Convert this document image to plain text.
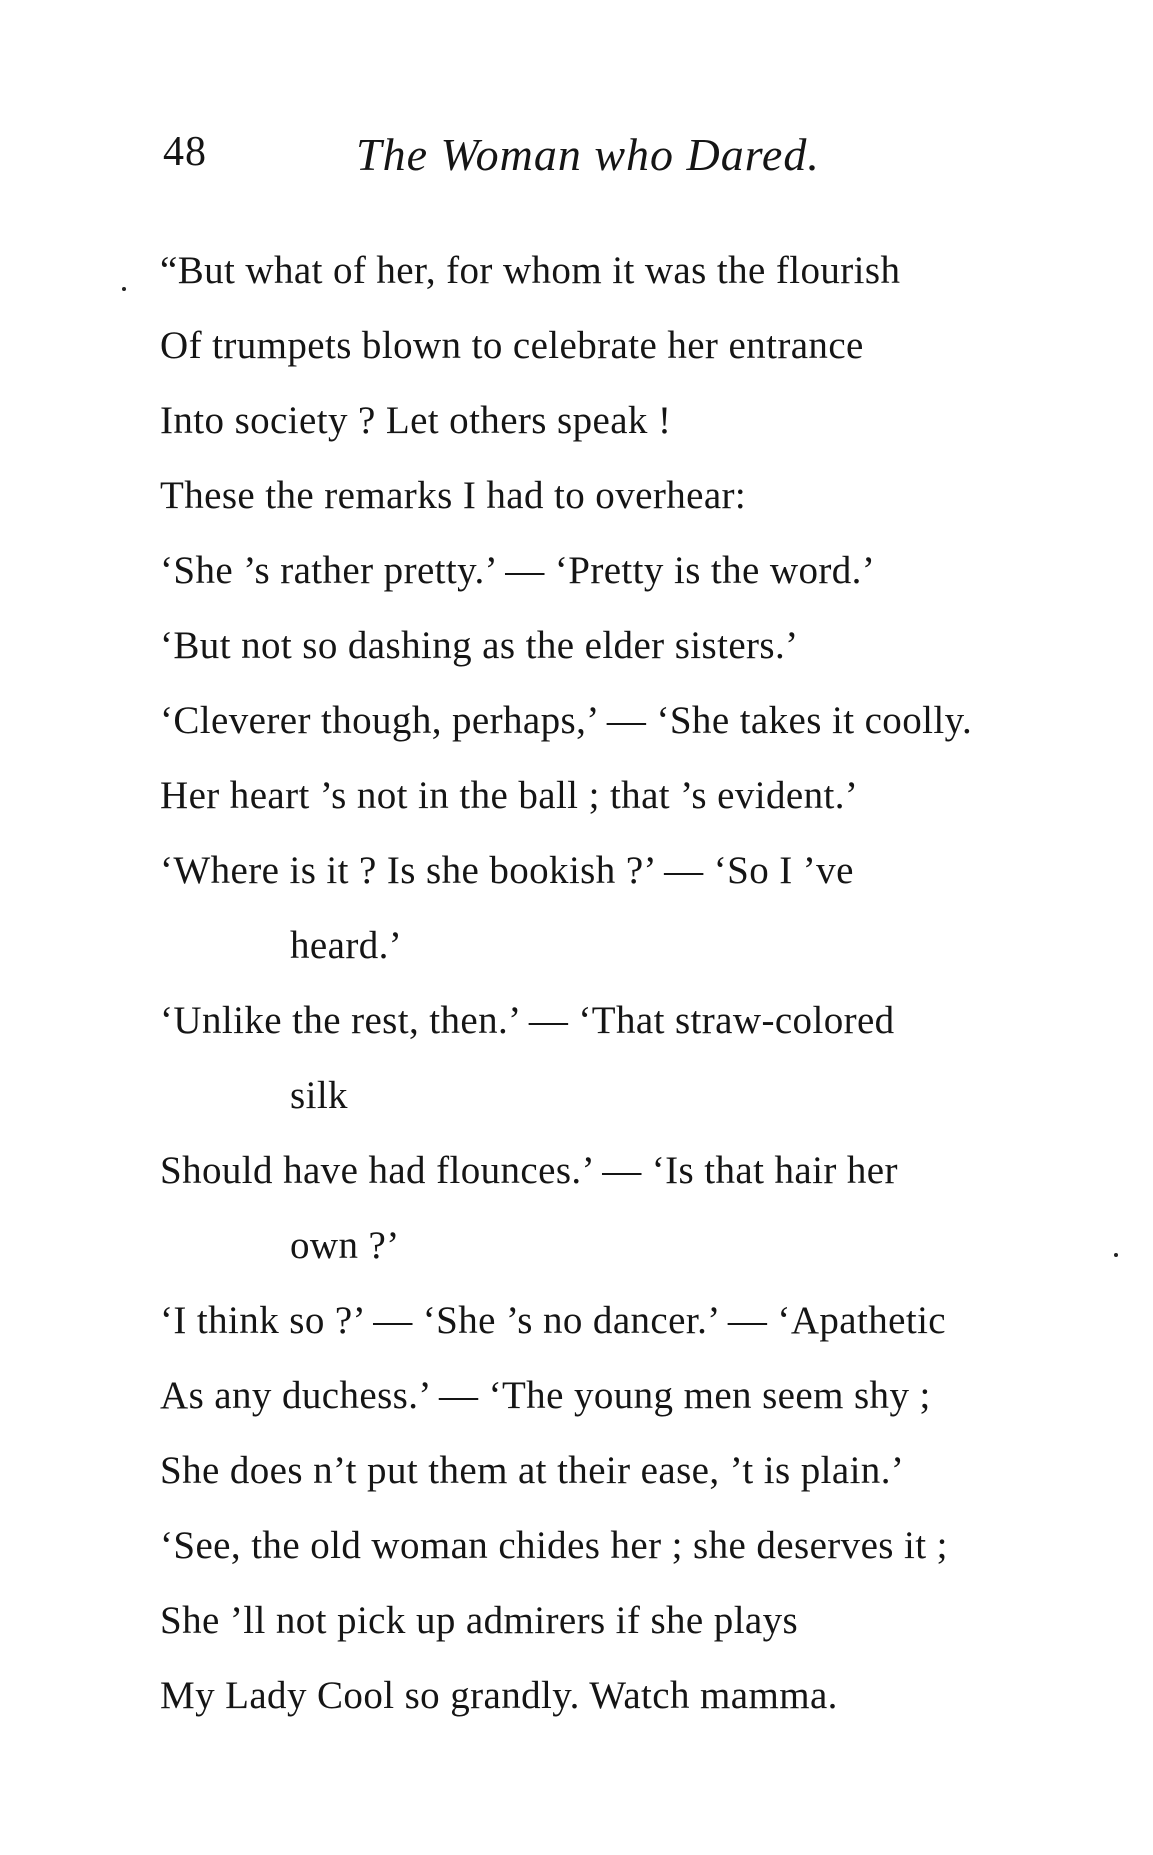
48	The Woman who Dared.
“But what of her, for whom it was the flourish
Of trumpets blown to celebrate her entrance
Into society ? Let others speak !
These the remarks I had to overhear:
‘She ’s rather pretty.’ — ‘Pretty is the word.’
‘But not so dashing as the elder sisters.’
‘Cleverer though, perhaps,’ — ‘She takes it coolly.
Her heart ’s not in the ball ; that ’s evident.’
‘Where is it ? Is she bookish ?’ — ‘So I ’ve
heard.’
‘Unlike the rest, then.’ — ‘That straw-colored
silk
Should have had flounces.’ — ‘Is that hair her
own ?’
‘I think so ?’ — ‘She ’s no dancer.’ — ‘Apathetic
As any duchess.’ — ‘The young men seem shy ;
She does n’t put them at their ease, ’t is plain.’
‘See, the old woman chides her ; she deserves it ;
She ’ll not pick up admirers if she plays
My Lady Cool so grandly. Watch mamma.
